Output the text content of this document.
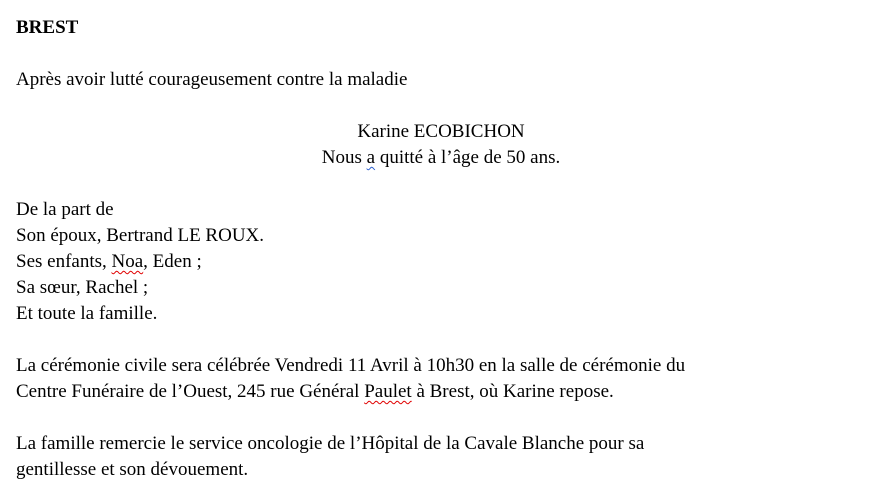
BREST
Après avoir lutté courageusement contre la maladie
Karine ECOBICHON
Nous a quitté à l’âge de 50 ans.
De la part de
Son époux, Bertrand LE ROUX.
Ses enfants, Noa, Eden ;
Sa sœur, Rachel ;
Et toute la famille.
La cérémonie civile sera célébrée Vendredi 11 Avril à 10h30 en la salle de cérémonie du
Centre Funéraire de l’Ouest, 245 rue Général Paulet à Brest, où Karine repose.
La famille remercie le service oncologie de l’Hôpital de la Cavale Blanche pour sa
gentillesse et son dévouement.
